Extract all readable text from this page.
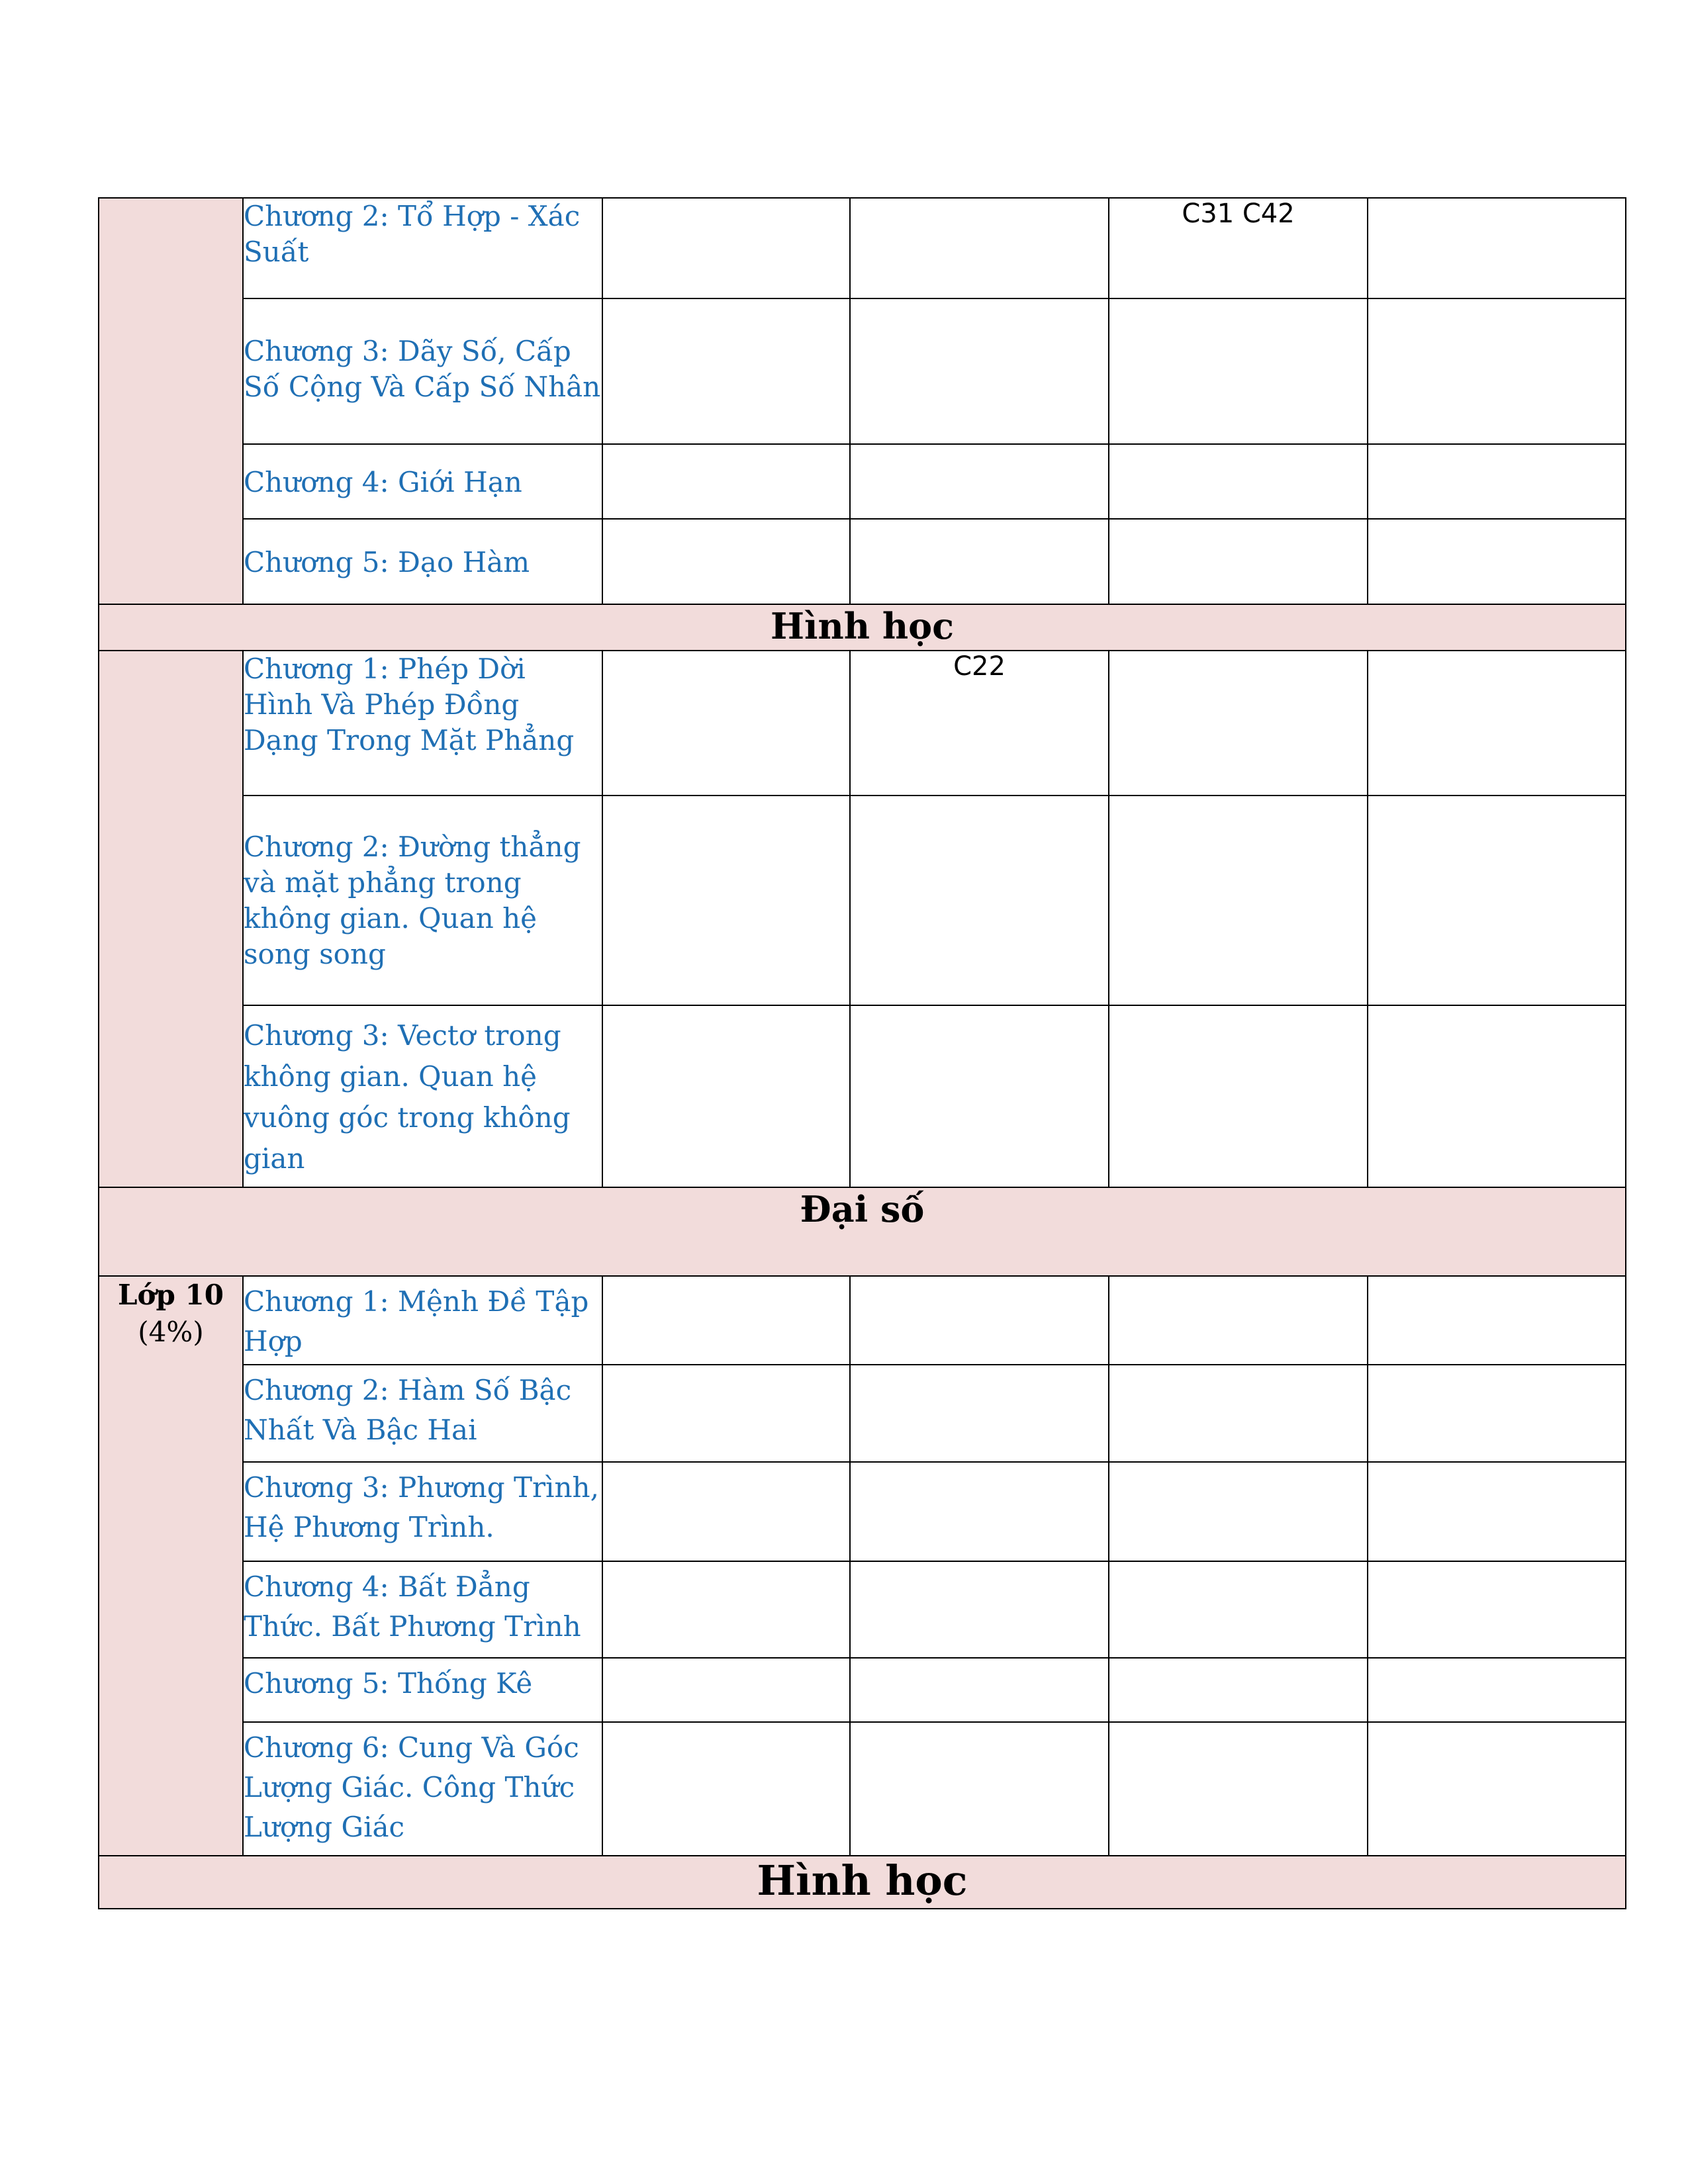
	Chương 2: Tổ Hợp - Xác Suất			C31 C42	
	Chương 3: Dãy Số, Cấp Số Cộng Và Cấp Số Nhân				
	Chương 4: Giới Hạn				
	Chương 5: Đạo Hàm				
Hình học					
	Chương 1: Phép Dời Hình Và Phép Đồng Dạng Trong Mặt Phẳng		C22		
	Chương 2: Đường thẳng và mặt phẳng trong không gian. Quan hệ song song				
	Chương 3: Vectơ trong không gian. Quan hệ vuông góc trong không gian				
Đại số					

Lớp 10
(4%)	Chương 1: Mệnh Đề Tập Hợp				
	Chương 2: Hàm Số Bậc Nhất Và Bậc Hai				
	Chương 3: Phương Trình, Hệ Phương Trình.				
	Chương 4: Bất Đẳng Thức. Bất Phương Trình				
	Chương 5: Thống Kê				
	Chương 6: Cung Và Góc Lượng Giác. Công Thức Lượng Giác				
Hình học					
